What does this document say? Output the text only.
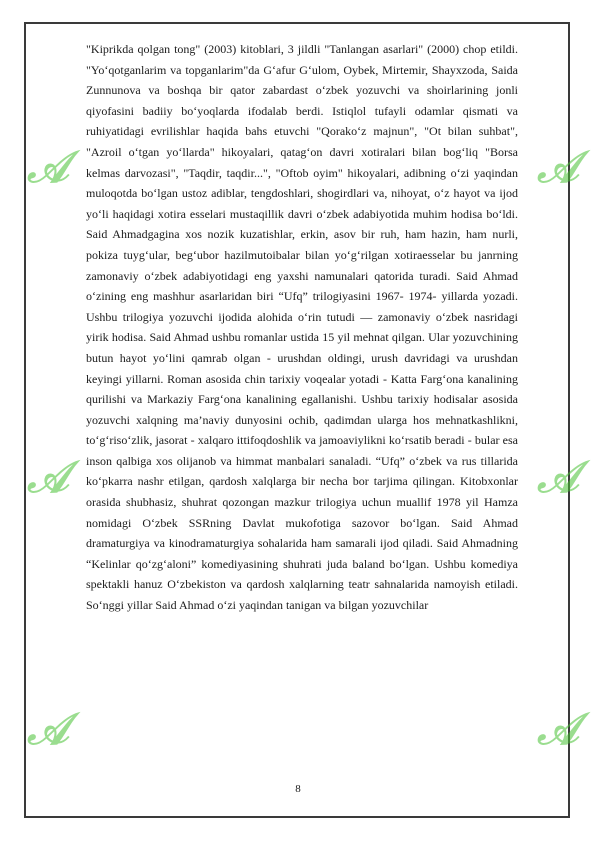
𝒜
𝒜
𝒜
𝒜
𝒜
𝒜

"Kiprikda qolgan tong" (2003) kitoblari, 3 jildli "Tanlangan asarlari" (2000) chop etildi. "Yo‘qotganlarim va topganlarim"da G‘afur G‘ulom, Oybek, Mirtemir, Shayxzoda, Saida Zunnunova va boshqa bir qator zabardast o‘zbek yozuvchi va shoirlarining jonli qiyofasini badiiy bo‘yoqlarda ifodalab berdi. Istiqlol tufayli odamlar qismati va ruhiyatidagi evrilishlar haqida bahs etuvchi "Qorako‘z majnun", "Ot bilan suhbat", "Azroil o‘tgan yo‘llarda" hikoyalari, qatag‘on davri xotiralari bilan bog‘liq "Borsa kelmas darvozasi", "Taqdir, taqdir...", "Oftob oyim" hikoyalari, adibning o‘zi yaqindan muloqotda bo‘lgan ustoz adiblar, tengdoshlari, shogirdlari va, nihoyat, o‘z hayot va ijod yo‘li haqidagi xotira esselari mustaqillik davri o‘zbek adabiyotida muhim hodisa bo‘ldi. Said Ahmadgagina xos nozik kuzatishlar, erkin, asov bir ruh, ham hazin, ham nurli, pokiza tuyg‘ular, beg‘ubor hazilmutoibalar bilan yo‘g‘rilgan xotiraesselar bu janrning zamonaviy o‘zbek adabiyotidagi eng yaxshi namunalari qatorida turadi. Said Ahmad o‘zining eng mashhur asarlaridan biri “Ufq” trilogiyasini 1967- 1974- yillarda yozadi. Ushbu trilogiya yozuvchi ijodida alohida o‘rin tutudi — zamonaviy o‘zbek nasridagi yirik hodisa. Said Ahmad ushbu romanlar ustida 15 yil mehnat qilgan. Ular yozuvchining butun hayot yo‘lini qamrab olgan - urushdan oldingi, urush davridagi va urushdan keyingi yillarni. Roman asosida chin tarixiy voqealar yotadi - Katta Farg‘ona kanalining qurilishi va Markaziy Farg‘ona kanalining egallanishi. Ushbu tarixiy hodisalar asosida yozuvchi xalqning ma’naviy dunyosini ochib, qadimdan ularga hos mehnatkashlikni, to‘g‘riso‘zlik, jasorat - xalqaro ittifoqdoshlik va jamoaviylikni ko‘rsatib beradi - bular esa inson qalbiga xos olijanob va himmat manbalari sanaladi. “Ufq” o‘zbek va rus tillarida ko‘pkarra nashr etilgan, qardosh xalqlarga bir necha bor tarjima qilingan. Kitobxonlar orasida shubhasiz, shuhrat qozongan mazkur trilogiya uchun muallif 1978 yil Hamza nomidagi O‘zbek SSRning Davlat mukofotiga sazovor bo‘lgan. Said Ahmad dramaturgiya va kinodramaturgiya sohalarida ham samarali ijod qiladi. Said Ahmadning “Kelinlar qo‘zg‘aloni” komediyasining shuhrati juda baland bo‘lgan. Ushbu komediya spektakli hanuz O‘zbekiston va qardosh xalqlarning teatr sahnalarida namoyish etiladi. So‘nggi yillar Said Ahmad o‘zi yaqindan tanigan va bilgan yozuvchilar

8
